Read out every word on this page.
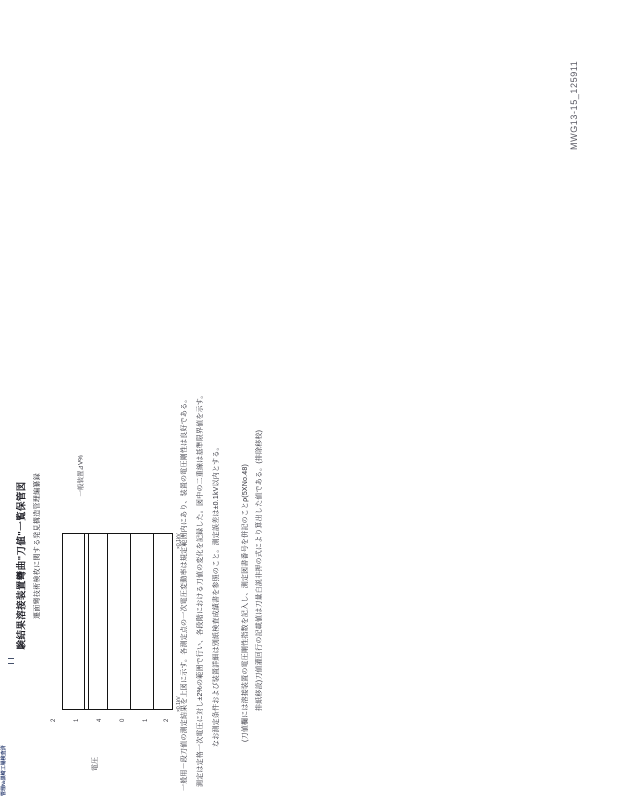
MWG13-15_125911
験結果溶接装置彎曲"刀値"一覧保管図 遷面彎技術検枚に関する発見構造管理編纂録	一般装置⊿V%
2	1	4	0	1	2
×0.1kV
×0.1kV
電圧	一般用－段刀値の測定結果を上図に示す。各測定点の一次電圧変動率は規定範囲内にあり、装置の電圧剛性は良好である。 測定は定格一次電圧に対し±2%の範囲で行い、各段階における刀値の変化を記録した。図中の二重線は基準限界値を示す。 なお測定条件および装置詳細は別紙検査成績書を参照のこと。測定誤差は±0.1kV以内とする。	(刀値欄には溶接装置の電圧剛性指数を記入し、測定図書番号を併記のことρ(5XNo.48) 排紙移設)刀値灌回行の記載値は刀量白説非押の式により算出した値である。(排除移校)
管理№黒崎工場検査済
